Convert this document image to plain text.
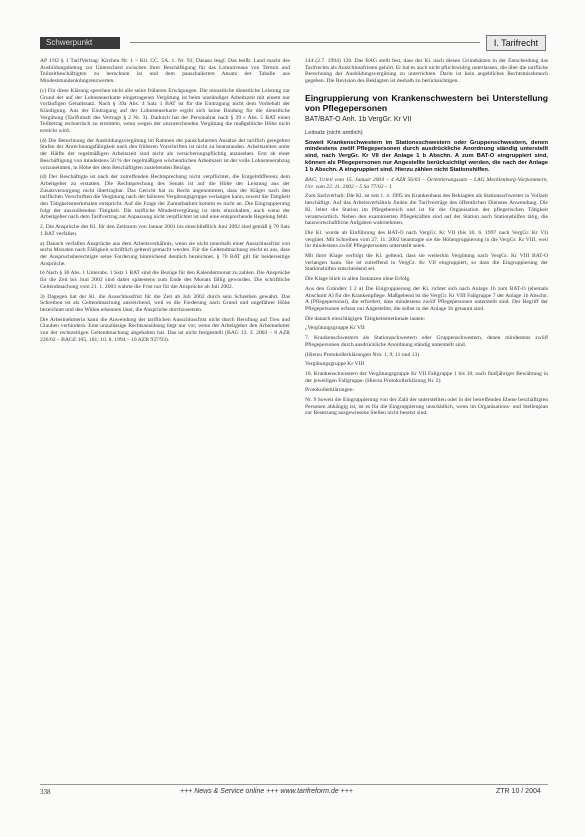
Schwerpunkt	I. Tarifrecht

AP 1/92 § 1 TarifVertrag: Kirchen Nr. 1 – Kir. CC. 5A. 1. Nr. 93; Dasasu lesgl. Das heißt. Land macht des Ausbildungsbetrag zur Unterschied zwischen ihrer Beschäftigung für das Lohnniveaus von Termin und Teilzeitbeschäftigten zu berechnen ist und dem pauschalierten Ansatz der Tabelle aus Mindeststundenlohngrenzwerten.

(c) Für diese Klärung sprechen nicht alle seine früheren Erwägungen. Die monatliche dienstliche Leistung zur Grund der auf der Lohnsteuerkarte eingetragenen Vergütung ist beim unständiger Arbeitszeit mit einem nur vorläufigen Gehaltssatz. Nach § 39a Abs. 4 Satz 1 BAT ist für die Eintragung nicht dem Vorbehalt der Kündigung. Aus der Eintragung auf der Lohnsteuerkarte ergibt sich keine Bindung für die dienstliche Vergütung (Tarifinhalt des Vertrags § 2 Nr. 3). Dadurch hat der Personalrat nach § 39 c Abs. 5 BAT einen Teilbetrag rechnerisch zu ermitteln, wenn wegen der unzureichenden Vergütung die maßgebliche Höhe nicht erreicht wird.

(d) Die Berechnung der Ausbildungsvergütung im Rahmen der pauschalierten Ansätze der tariflich geregelten Stufen der Anrechnungsfähigkeit nach den früheren Vorschriften ist nicht zu beanstanden. Arbeitszeiten unter der Hälfte der regelmäßigen Arbeitszeit sind nicht als versicherungspflichtig anzusehen. Erst ab einer Beschäftigung von mindestens 50 % der regelmäßigen wöchentlichen Arbeitszeit ist der volle Lohnsteuerabzug vorzunehmen, in Höhe der dem Beschäftigten zustehenden Bezüge.

(d) Der Beschäftigte ist nach der zutreffenden Rechtsprechung nicht verpflichtet, die Entgeltdifferenz dem Arbeitgeber zu erstatten. Die Rechtsprechung des Senats ist auf die Höhe der Leistung aus der Zusatzversorgung nicht übertragbar. Das Gericht hat zu Recht angenommen, dass der Kläger nach den tariflichen Vorschriften die Vergütung nach der höheren Vergütungsgruppe verlangen kann, soweit die Tätigkeit den Tätigkeitsmerkmalen entspricht. Auf die Frage der Zumutbarkeit kommt es nicht an. Die Eingruppierung folgt der auszuübenden Tätigkeit. Die tarifliche Mindestvergütung ist stets einzuhalten, auch wenn der Arbeitgeber nach dem Tarifvertrag zur Anpassung nicht verpflichtet ist und eine entsprechende Regelung fehlt.

2. Die Ansprüche des Kl. für den Zeitraum von Januar 2001 bis einschließlich Juni 2002 sind gemäß § 70 Satz 1 BAT verfallen.

a) Danach verfallen Ansprüche aus dem Arbeitsverhältnis, wenn sie nicht innerhalb einer Ausschlussfrist von sechs Monaten nach Fälligkeit schriftlich geltend gemacht werden. Für die Geltendmachung reicht es aus, dass der Anspruchsberechtigte seine Forderung hinreichend deutlich bezeichnet. § 70 BAT gilt für beiderseitige Ansprüche.

b) Nach § 36 Abs. 1 Unterabs. 1 Satz 1 BAT sind die Bezüge für den Kalendermonat zu zahlen. Die Ansprüche für die Zeit bis Juni 2002 sind daher spätestens zum Ende des Monats fällig geworden. Die schriftliche Geltendmachung vom 21. 1. 2003 wahrte die Frist nur für die Ansprüche ab Juli 2002.

3) Dagegen hat der Kl. die Ausschlussfrist für die Zeit ab Juli 2002 durch sein Schreiben gewahrt. Das Schreiben ist als Geltendmachung ausreichend, weil es die Forderung nach Grund und ungefährer Höhe bezeichnet und den Willen erkennen lässt, die Ansprüche durchzusetzen.

Die Arbeitnehmerin kann die Anwendung der tariflichen Ausschlussfrist nicht durch Berufung auf Treu und Glauben verhindern. Eine unzulässige Rechtsausübung liegt nur vor, wenn der Arbeitgeber den Arbeitnehmer von der rechtzeitigen Geltendmachung abgehalten hat. Das ist nicht festgestellt (BAG 13. 2. 2003 – 8 AZR 236/02 – BAGE 105, 181; 10. 8. 1994 – 10 AZR 937/93).

144 (2.7. 1994) 120. Das BAG stellt fest, dass der Kl. nach diesen Grundsätzen in der Entscheidung das Tarifrechts als Ausschlussfristen gehört. Er hat es auch nicht pflichtwidrig unterlassen, die über die tarifliche Berechnung der Ausbildungsvergütung zu unterrichten. Darin ist kein angebliches Rechtsmissbrauch gegeben. Die Revision des Beklagten ist deshalb zu berücksichtigen.

Eingruppierung von Krankenschwestern bei Unterstellung von Pflegepersonen
BAT/BAT-O Anh. 1b VergGr. Kr VII

Leitsatz (nicht amtlich)

Soweit Krankenschwestern im Stationsschwestern oder Gruppenschwestern, denen mindestens zwölf Pflegepersonen durch ausdrückliche Anordnung ständig unterstellt sind, nach VergGr. Kr VII der Anlage 1 b Abschn. A zum BAT-O eingruppiert sind, können als Pflegepersonen nur Angestellte berücksichtigt werden, die nach der Anlage 1 b Abschn. A eingruppiert sind. Hierzu zählen nicht Stationshilfen.

BAG, Urteil vom 15. Januar 2004 – 4 AZR 56/03 – Orientierungssatz – LAG Mecklenburg-Vorpommern, Urt. vom 22. 11. 2002 – 5 Sa 77/02 – 1

Zum Sachverhalt: Die Kl. ist seit 1. 4. 1995 im Krankenhaus des Beklagten als Stationsschwester in Vollzeit beschäftigt. Auf das Arbeitsverhältnis finden die Tarifverträge des öffentlichen Dienstes Anwendung. Die Kl. leitet die Station im Pflegebereich und ist für die Organisation der pflegerischen Tätigkeit verantwortlich. Neben den examinierten Pflegekräften sind auf der Station auch Stationshilfen tätig, die hauswirtschaftliche Aufgaben wahrnehmen.

Die Kl. wurde ab Einführung des BAT-O nach VergGr. Kr VII (bis 30. 6. 1997 nach VergGr. Kr VI) vergütet. Mit Schreiben vom 27. 11. 2002 beantragte sie die Höhergruppierung in die VergGr. Kr VIII, weil ihr mindestens zwölf Pflegepersonen unterstellt seien.

Mit ihrer Klage verfolgt die Kl. geltend, dass sie weiterhin Vergütung nach VergGr. Kr VIII BAT-O verlangen kann. Sie ist zutreffend in VergGr. Kr VII eingruppiert, so dass die Eingruppierung der Stationshilfen entscheidend sei.

Die Klage blieb in allen Instanzen ohne Erfolg.

Aus den Gründen: I 2 a) Die Eingruppierung der Kl. richtet sich nach Anlage 1b zum BAT-O (ehemals Abschnitt A) für die Krankenpflege. Maßgebend ist die VergGr. Kr VIII Fallgruppe 7 der Anlage 1b Abschn. A (Pflegepersonal), die erfordert, dass mindestens zwölf Pflegepersonen unterstellt sind. Der Begriff der Pflegepersonen erfasst nur Angestellte, die selbst in der Anlage 1b genannt sind.

Die danach einschlägigen Tätigkeitsmerkmale lauten:

„Vergütungsgruppe Kr VII

7. Krankenschwestern als Stationsschwestern oder Gruppenschwestern, denen mindestens zwölf Pflegepersonen durch ausdrückliche Anordnung ständig unterstellt sind.

(Hierzu Protokollerklärungen Nrn. 1, 9, 11 und 13)

Vergütungsgruppe Kr VIII

10. Krankenschwestern der Vergütungsgruppe Kr VII Fallgruppe 1 bis 10, nach fünfjähriger Bewährung in der jeweiligen Fallgruppe. (Hierzu Protokollerklärung Nr. 2)

Protokollerklärungen:

Nr. 9 Soweit die Eingruppierung von der Zahl der unterstellten oder in der betreffenden Ebene beschäftigten Personen abhängig ist, ist es für die Eingruppierung unschädlich, wenn im Organisations- und Stellenplan zur Besetzung ausgewiesene Stellen nicht besetzt sind.

338	+++ News & Service online +++ www.tarifreform.de +++	ZTR 10 / 2004
